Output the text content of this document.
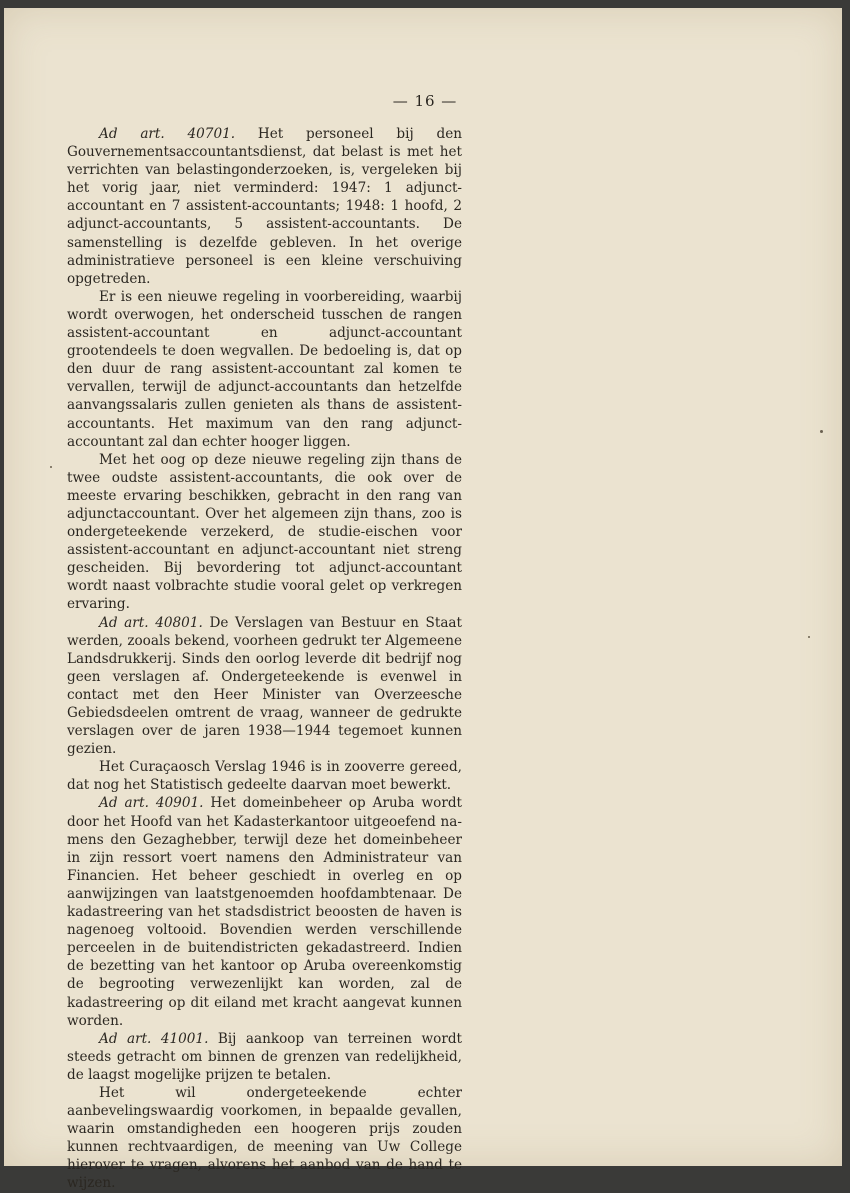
— 16 —

Ad art. 40701. Het personeel bij den Gouvernementsaccountantsdienst, dat belast is met het verrichten van belastingonderzoeken, is, vergeleken bij het vorig jaar, niet verminderd: 1947: 1 adjunct-accountant en 7 assistent-accountants; 1948: 1 hoofd, 2 adjunct-accountants, 5 assistent-accountants. De samenstelling is dezelfde gebleven. In het overige administratieve personeel is een kleine verschuiving opgetreden.

Er is een nieuwe regeling in voorbereiding, waarbij wordt overwogen, het onderscheid tusschen de rangen assistent-accountant en adjunct-accountant grootendeels te doen wegvallen. De bedoeling is, dat op den duur de rang assistent-accountant zal komen te vervallen, terwijl de adjunct-accountants dan hetzelfde aanvangssalaris zullen genieten als thans de assistent-accountants. Het maximum van den rang adjunct-accountant zal dan echter hooger liggen.

Met het oog op deze nieuwe regeling zijn thans de twee oudste assistent-accountants, die ook over de meeste ervaring beschikken, gebracht in den rang van adjunctaccountant. Over het algemeen zijn thans, zoo is ondergeteekende verzekerd, de studie-eischen voor assistent-accountant en adjunct-accountant niet streng gescheiden. Bij bevordering tot adjunct-accountant wordt naast volbrachte studie vooral gelet op verkregen ervaring.

Ad art. 40801. De Verslagen van Bestuur en Staat werden, zooals bekend, voorheen gedrukt ter Algemeene Landsdrukkerij. Sinds den oorlog leverde dit bedrijf nog geen verslagen af. Ondergeteekende is evenwel in contact met den Heer Minister van Overzeesche Gebiedsdeelen omtrent de vraag, wanneer de gedrukte verslagen over de jaren 1938—1944 tegemoet kunnen gezien.

Het Curaçaosch Verslag 1946 is in zooverre gereed, dat nog het Statistisch gedeelte daarvan moet bewerkt.

Ad art. 40901. Het domeinbeheer op Aruba wordt door het Hoofd van het Kadasterkantoor uitgeoefend namens den Gezaghebber, terwijl deze het domeinbeheer in zijn ressort voert namens den Administrateur van Financien. Het beheer geschiedt in overleg en op aanwijzingen van laatstgenoemden hoofdambtenaar. De kadastreering van het stadsdistrict beoosten de haven is nagenoeg voltooid. Bovendien werden verschillende perceelen in de buitendistricten gekadastreerd. Indien de bezetting van het kantoor op Aruba overeenkomstig de begrooting verwezenlijkt kan worden, zal de kadastreering op dit eiland met kracht aangevat kunnen worden.

Ad art. 41001. Bij aankoop van terreinen wordt steeds getracht om binnen de grenzen van redelijkheid, de laagst mogelijke prijzen te betalen.

Het wil ondergeteekende echter aanbevelingswaardig voorkomen, in bepaalde gevallen, waarin omstandigheden een hoogeren prijs zouden kunnen rechtvaardigen, de meening van Uw College hierover te vragen, alvorens het aanbod van de hand te wijzen.
